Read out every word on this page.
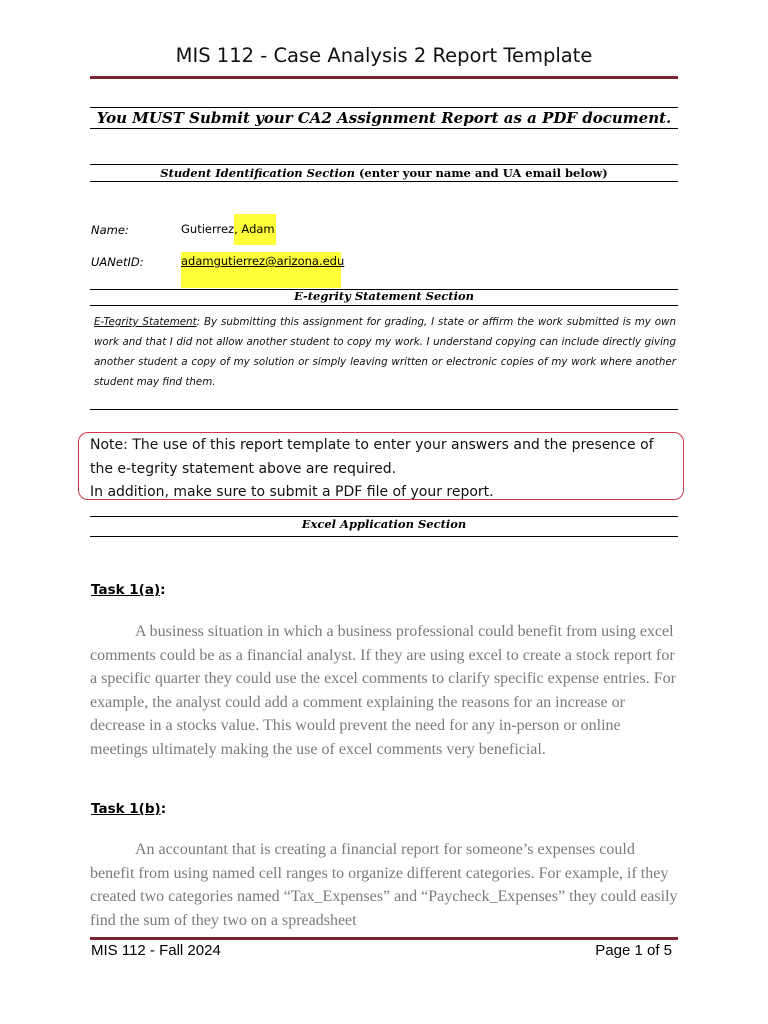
MIS 112 - Case Analysis 2 Report Template
You MUST Submit your CA2 Assignment Report as a PDF document.
Student Identification Section (enter your name and UA email below)
Name:	Gutierrez, Adam
UANetID:	adamgutierrez@arizona.edu
E-tegrity Statement Section
E-Tegrity Statement: By submitting this assignment for grading, I state or affirm the work submitted is my own work and that I did not allow another student to copy my work. I understand copying can include directly giving another student a copy of my solution or simply leaving written or electronic copies of my work where another student may find them.
Note: The use of this report template to enter your answers and the presence of the e-tegrity statement above are required.
In addition, make sure to submit a PDF file of your report.
Excel Application Section
Task 1(a):
A business situation in which a business professional could benefit from using excel comments could be as a financial analyst. If they are using excel to create a stock report for a specific quarter they could use the excel comments to clarify specific expense entries. For example, the analyst could add a comment explaining the reasons for an increase or decrease in a stocks value. This would prevent the need for any in-person or online meetings ultimately making the use of excel comments very beneficial.
Task 1(b):
An accountant that is creating a financial report for someone’s expenses could benefit from using named cell ranges to organize different categories. For example, if they created two categories named “Tax_Expenses” and “Paycheck_Expenses” they could easily find the sum of they two on a spreadsheet
MIS 112 - Fall 2024	Page 1 of 5
